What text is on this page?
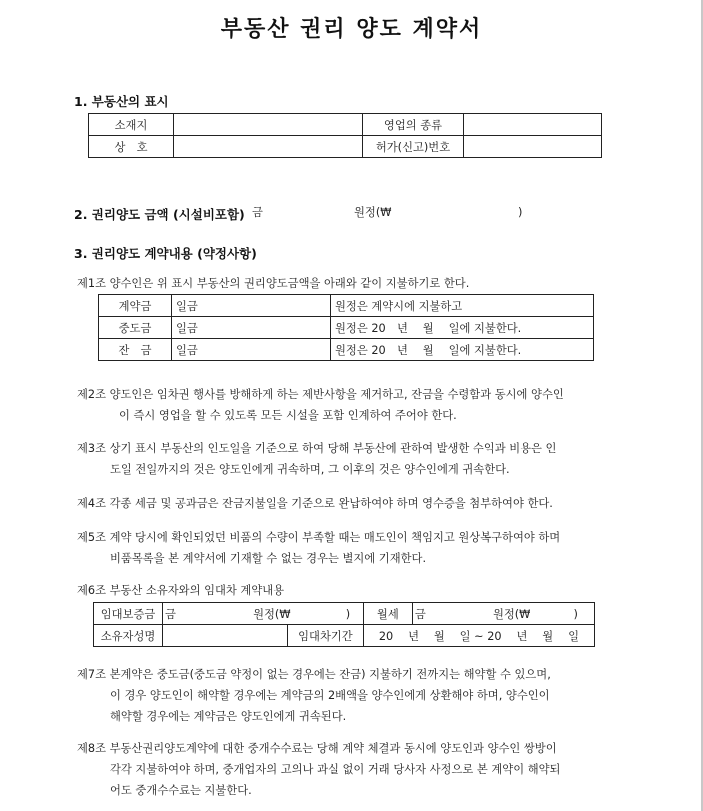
부동산 권리 양도 계약서
1. 부동산의 표시
소재지		영업의 종류	
상　호		허가(신고)번호	
2. 권리양도 금액 (시설비포함) 금	원정(₩	)
3. 권리양도 계약내용 (약정사항)
제1조 양수인은 위 표시 부동산의 권리양도금액을 아래와 같이 지불하기로 한다.
계약금	일금	원정은 계약시에 지불하고
중도금	일금	원정은 20　년　 월　 일에 지불한다.
잔　금	일금	원정은 20　년　 월　 일에 지불한다.
제2조 양도인은 임차권 행사를 방해하게 하는 제반사항을 제거하고, 잔금을 수령함과 동시에 양수인
이 즉시 영업을 할 수 있도록 모든 시설을 포함 인계하여 주어야 한다.
제3조 상기 표시 부동산의 인도일을 기준으로 하여 당해 부동산에 관하여 발생한 수익과 비용은 인
도일 전일까지의 것은 양도인에게 귀속하며, 그 이후의 것은 양수인에게 귀속한다.
제4조 각종 세금 및 공과금은 잔금지불일을 기준으로 완납하여야 하며 영수증을 첨부하여야 한다.
제5조 계약 당시에 확인되었던 비품의 수량이 부족할 때는 매도인이 책임지고 원상복구하여야 하며
비품목록을 본 계약서에 기재할 수 없는 경우는 별지에 기재한다.
제6조 부동산 소유자와의 임대차 계약내용
임대보증금	금 원정(₩ )		월세	금 원정(₩ )
소유자성명		임대차기간	20　 년　 월　 일 ~ 20　 년　 월　 일	
제7조 본계약은 중도금(중도금 약정이 없는 경우에는 잔금) 지불하기 전까지는 해약할 수 있으며,
이 경우 양도인이 해약할 경우에는 계약금의 2배액을 양수인에게 상환해야 하며, 양수인이
해약할 경우에는 계약금은 양도인에게 귀속된다.
제8조 부동산권리양도계약에 대한 중개수수료는 당해 계약 체결과 동시에 양도인과 양수인 쌍방이
각각 지불하여야 하며, 중개업자의 고의나 과실 없이 거래 당사자 사정으로 본 계약이 해약되
어도 중개수수료는 지불한다.
